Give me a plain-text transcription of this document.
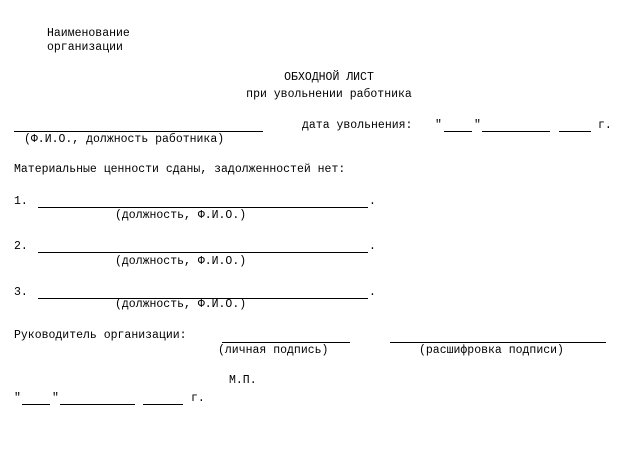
Наименование
организации
ОБХОДНОЙ ЛИСТ
при увольнении работника
(Ф.И.О., должность работника)
дата увольнения: "	"	г.
Материальные ценности сданы, задолженностей нет:
1.	.
(должность, Ф.И.О.)
2.	.
(должность, Ф.И.О.)
3.	.
(должность, Ф.И.О.)
Руководитель организации:
(личная подпись)	(расшифровка подписи)
М.П.
"	"	г.
